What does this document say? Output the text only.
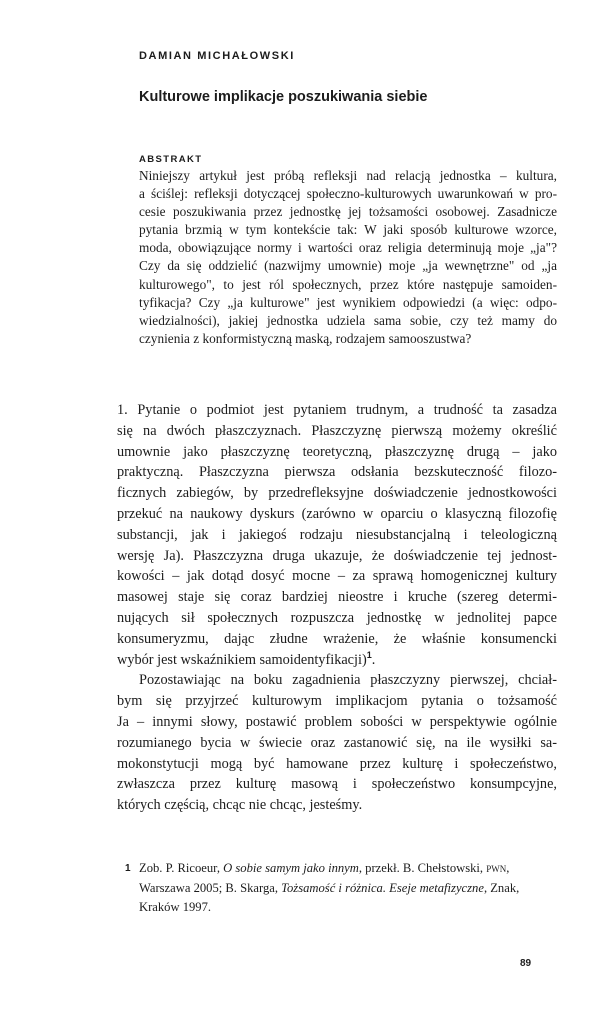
DAMIAN MICHAŁOWSKI
Kulturowe implikacje poszukiwania siebie
ABSTRAKT
Niniejszy artykuł jest próbą refleksji nad relacją jednostka – kultura,
a ściślej: refleksji dotyczącej społeczno-kulturowych uwarunkowań w pro-
cesie poszukiwania przez jednostkę jej tożsamości osobowej. Zasadnicze
pytania brzmią w tym kontekście tak: W jaki sposób kulturowe wzorce,
moda, obowiązujące normy i wartości oraz religia determinują moje „ja"?
Czy da się oddzielić (nazwijmy umownie) moje „ja wewnętrzne" od „ja
kulturowego", to jest ról społecznych, przez które następuje samoiden-
tyfikacja? Czy „ja kulturowe" jest wynikiem odpowiedzi (a więc: odpo-
wiedzialności), jakiej jednostka udziela sama sobie, czy też mamy do
czynienia z konformistyczną maską, rodzajem samooszustwa?
1. Pytanie o podmiot jest pytaniem trudnym, a trudność ta zasadza
się na dwóch płaszczyznach. Płaszczyznę pierwszą możemy określić
umownie jako płaszczyznę teoretyczną, płaszczyznę drugą – jako
praktyczną. Płaszczyzna pierwsza odsłania bezskuteczność filozo-
ficznych zabiegów, by przedrefleksyjne doświadczenie jednostkowości
przekuć na naukowy dyskurs (zarówno w oparciu o klasyczną filozofię
substancji, jak i jakiegoś rodzaju niesubstancjalną i teleologiczną
wersję Ja). Płaszczyzna druga ukazuje, że doświadczenie tej jednost-
kowości – jak dotąd dosyć mocne – za sprawą homogenicznej kultury
masowej staje się coraz bardziej nieostre i kruche (szereg determi-
nujących sił społecznych rozpuszcza jednostkę w jednolitej papce
konsumeryzmu, dając złudne wrażenie, że właśnie konsumencki
wybór jest wskaźnikiem samoidentyfikacji)$^1$.
Pozostawiając na boku zagadnienia płaszczyzny pierwszej, chciał-
bym się przyjrzeć kulturowym implikacjom pytania o tożsamość
Ja – innymi słowy, postawić problem sobości w perspektywie ogólnie
rozumianego bycia w świecie oraz zastanowić się, na ile wysiłki sa-
mokonstytucji mogą być hamowane przez kulturę i społeczeństwo,
zwłaszcza przez kulturę masową i społeczeństwo konsumpcyjne,
których częścią, chcąc nie chcąc, jesteśmy.
1 Zob. P. Ricoeur, O sobie samym jako innym, przekł. B. Chełstowski, pwn, Warszawa 2005; B. Skarga, Tożsamość i różnica. Eseje metafizyczne, Znak, Kraków 1997.
89
